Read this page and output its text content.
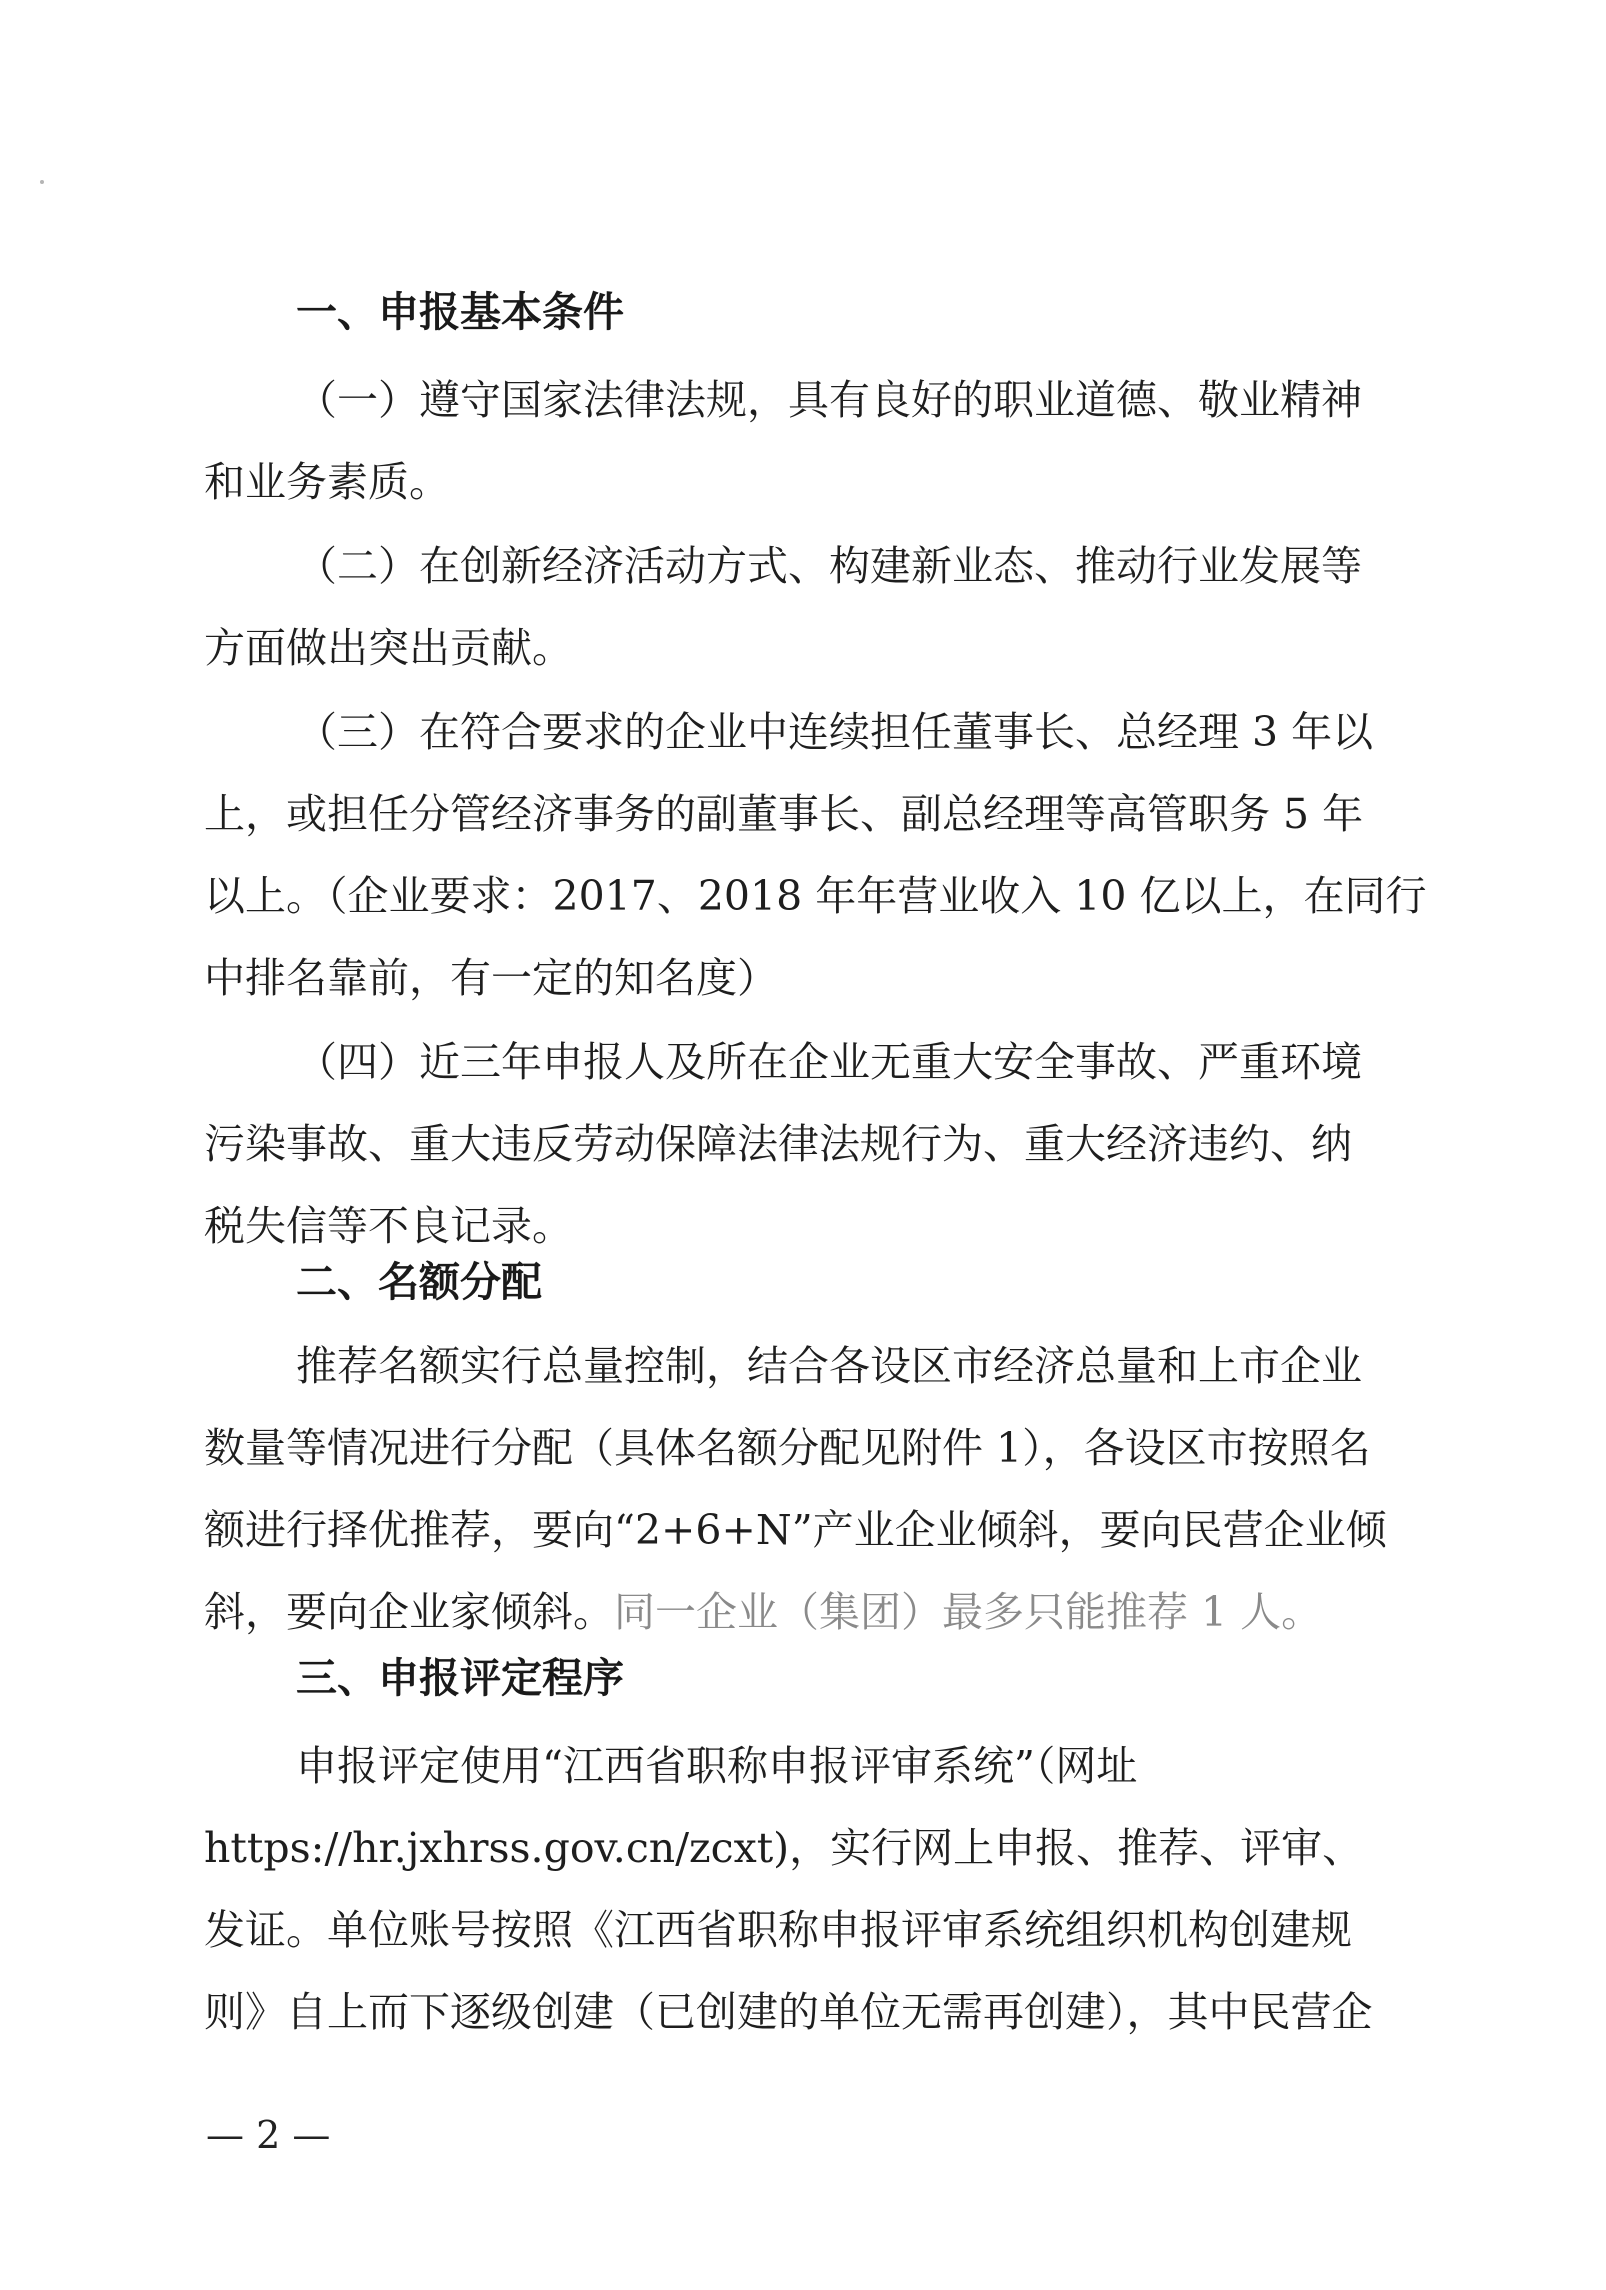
一、申报基本条件
（一）遵守国家法律法规，具有良好的职业道德、敬业精神
和业务素质。
（二）在创新经济活动方式、构建新业态、推动行业发展等
方面做出突出贡献。
（三）在符合要求的企业中连续担任董事长、总经理 3 年以
上，或担任分管经济事务的副董事长、副总经理等高管职务 5 年
以上。（企业要求：2017、2018 年年营业收入 10 亿以上，在同行
中排名靠前，有一定的知名度）
（四）近三年申报人及所在企业无重大安全事故、严重环境
污染事故、重大违反劳动保障法律法规行为、重大经济违约、纳
税失信等不良记录。
二、名额分配
推荐名额实行总量控制，结合各设区市经济总量和上市企业
数量等情况进行分配（具体名额分配见附件 1），各设区市按照名
额进行择优推荐，要向“2+6+N”产业企业倾斜，要向民营企业倾
斜，要向企业家倾斜。同一企业（集团）最多只能推荐 1 人。
三、申报评定程序
申报评定使用“江西省职称申报评审系统”（网址
https://hr.jxhrss.gov.cn/zcxt)，实行网上申报、推荐、评审、
发证。单位账号按照《江西省职称申报评审系统组织机构创建规
则》自上而下逐级创建（已创建的单位无需再创建），其中民营企
— 2 —
